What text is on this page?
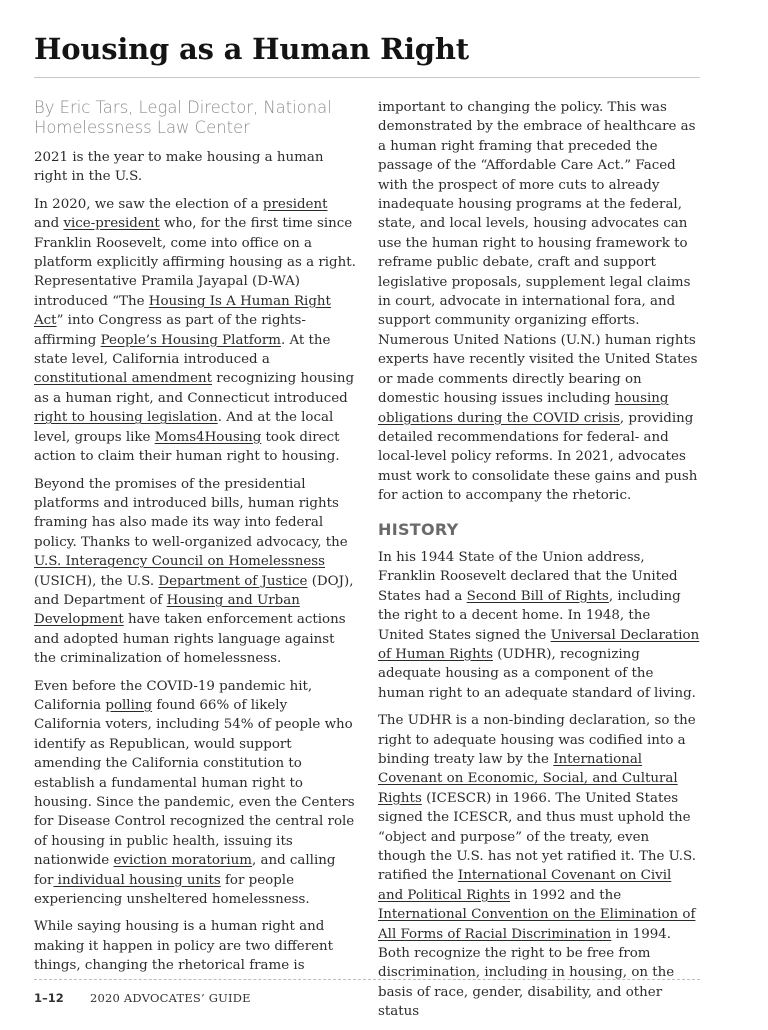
Housing as a Human Right
By Eric Tars, Legal Director, National Homelessness Law Center

2021 is the year to make housing a human right in the U.S.

In 2020, we saw the election of a president and vice-president who, for the first time since Franklin Roosevelt, come into office on a platform explicitly affirming housing as a right. Representative Pramila Jayapal (D-WA) introduced “The Housing Is A Human Right Act” into Congress as part of the rights-affirming People’s Housing Platform. At the state level, California introduced a constitutional amendment recognizing housing as a human right, and Connecticut introduced right to housing legislation. And at the local level, groups like Moms4Housing took direct action to claim their human right to housing.

Beyond the promises of the presidential platforms and introduced bills, human rights framing has also made its way into federal policy. Thanks to well-organized advocacy, the U.S. Interagency Council on Homelessness (USICH), the U.S. Department of Justice (DOJ), and Department of Housing and Urban Development have taken enforcement actions and adopted human rights language against the criminalization of homelessness.

Even before the COVID-19 pandemic hit, California polling found 66% of likely California voters, including 54% of people who identify as Republican, would support amending the California constitution to establish a fundamental human right to housing. Since the pandemic, even the Centers for Disease Control recognized the central role of housing in public health, issuing its nationwide eviction moratorium, and calling for individual housing units for people experiencing unsheltered homelessness.

While saying housing is a human right and making it happen in policy are two different things, changing the rhetorical frame is

important to changing the policy. This was demonstrated by the embrace of healthcare as a human right framing that preceded the passage of the “Affordable Care Act.” Faced with the prospect of more cuts to already inadequate housing programs at the federal, state, and local levels, housing advocates can use the human right to housing framework to reframe public debate, craft and support legislative proposals, supplement legal claims in court, advocate in international fora, and support community organizing efforts. Numerous United Nations (U.N.) human rights experts have recently visited the United States or made comments directly bearing on domestic housing issues including housing obligations during the COVID crisis, providing detailed recommendations for federal- and local-level policy reforms. In 2021, advocates must work to consolidate these gains and push for action to accompany the rhetoric.

HISTORY

In his 1944 State of the Union address, Franklin Roosevelt declared that the United States had a Second Bill of Rights, including the right to a decent home. In 1948, the United States signed the Universal Declaration of Human Rights (UDHR), recognizing adequate housing as a component of the human right to an adequate standard of living.

The UDHR is a non-binding declaration, so the right to adequate housing was codified into a binding treaty law by the International Covenant on Economic, Social, and Cultural Rights (ICESCR) in 1966. The United States signed the ICESCR, and thus must uphold the “object and purpose” of the treaty, even though the U.S. has not yet ratified it. The U.S. ratified the International Covenant on Civil and Political Rights in 1992 and the International Convention on the Elimination of All Forms of Racial Discrimination in 1994. Both recognize the right to be free from discrimination, including in housing, on the basis of race, gender, disability, and other status

1–12 2020 ADVOCATES’ GUIDE
